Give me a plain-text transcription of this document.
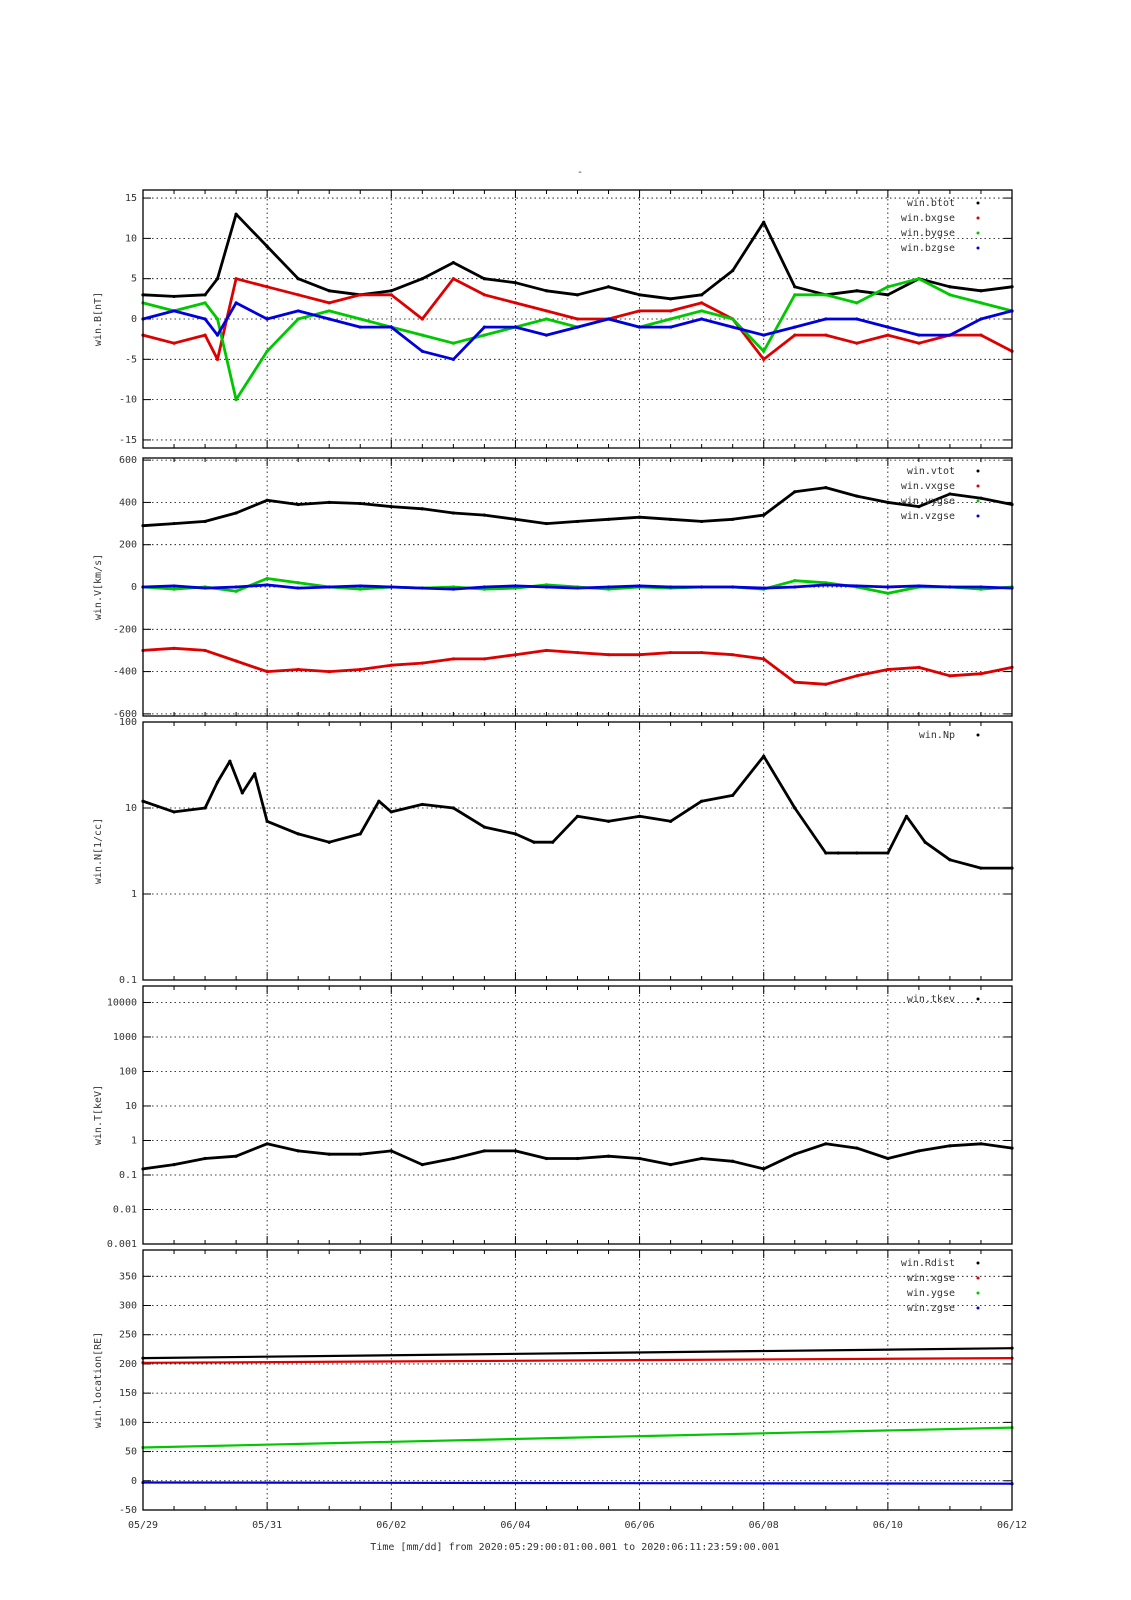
-
-15
-10
-5
0
5
10
15
win.B[nT]
win.btot
win.bxgse
win.bygse
win.bzgse
-600
-400
-200
0
200
400
600
win.V[km/s]
win.vtot
win.vxgse
win.vygse
win.vzgse
0.1
1
10
100
win.N[1/cc]
win.Np
0.001
0.01
0.1
1
10
100
1000
10000
win.T[keV]
win.tkev
-50
0
50
100
150
200
250
300
350
win.location[RE]
win.Rdist
win.xgse
win.ygse
win.zgse
05/29	05/31	06/02	06/04	06/06	06/08	06/10	06/12
Time [mm/dd] from 2020:05:29:00:01:00.001 to 2020:06:11:23:59:00.001
